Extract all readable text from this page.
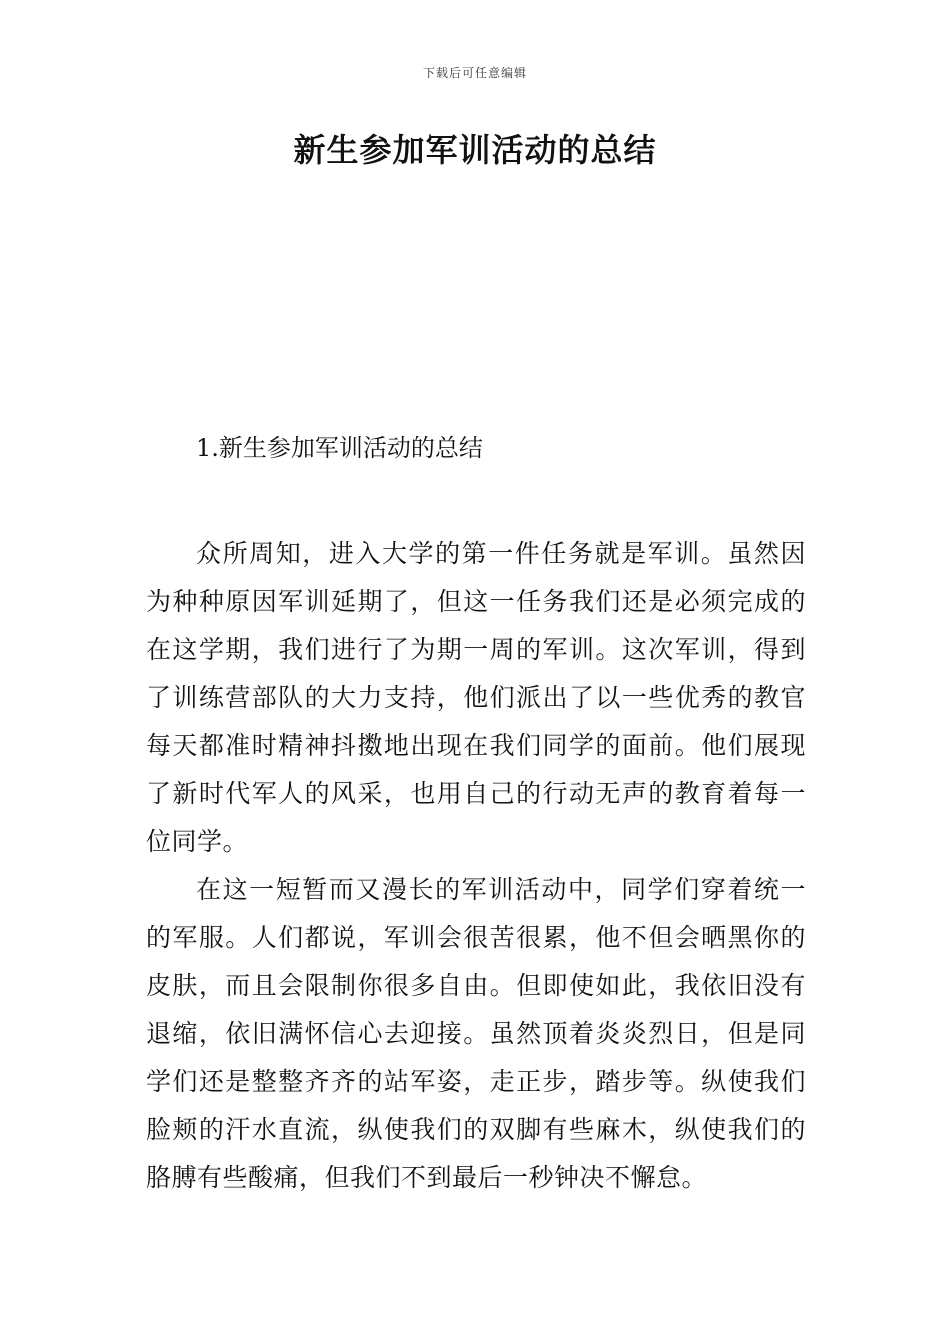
下载后可任意编辑
新生参加军训活动的总结
1.新生参加军训活动的总结

众所周知，进入大学的第一件任务就是军训。虽然因为种种原因军训延期了，但这一任务我们还是必须完成的在这学期，我们进行了为期一周的军训。这次军训，得到了训练营部队的大力支持，他们派出了以一些优秀的教官每天都准时精神抖擞地出现在我们同学的面前。他们展现了新时代军人的风采，也用自己的行动无声的教育着每一位同学。

在这一短暂而又漫长的军训活动中，同学们穿着统一的军服。人们都说，军训会很苦很累，他不但会晒黑你的皮肤，而且会限制你很多自由。但即使如此，我依旧没有退缩，依旧满怀信心去迎接。虽然顶着炎炎烈日，但是同学们还是整整齐齐的站军姿，走正步，踏步等。纵使我们脸颊的汗水直流，纵使我们的双脚有些麻木，纵使我们的胳膊有些酸痛，但我们不到最后一秒钟决不懈怠。
